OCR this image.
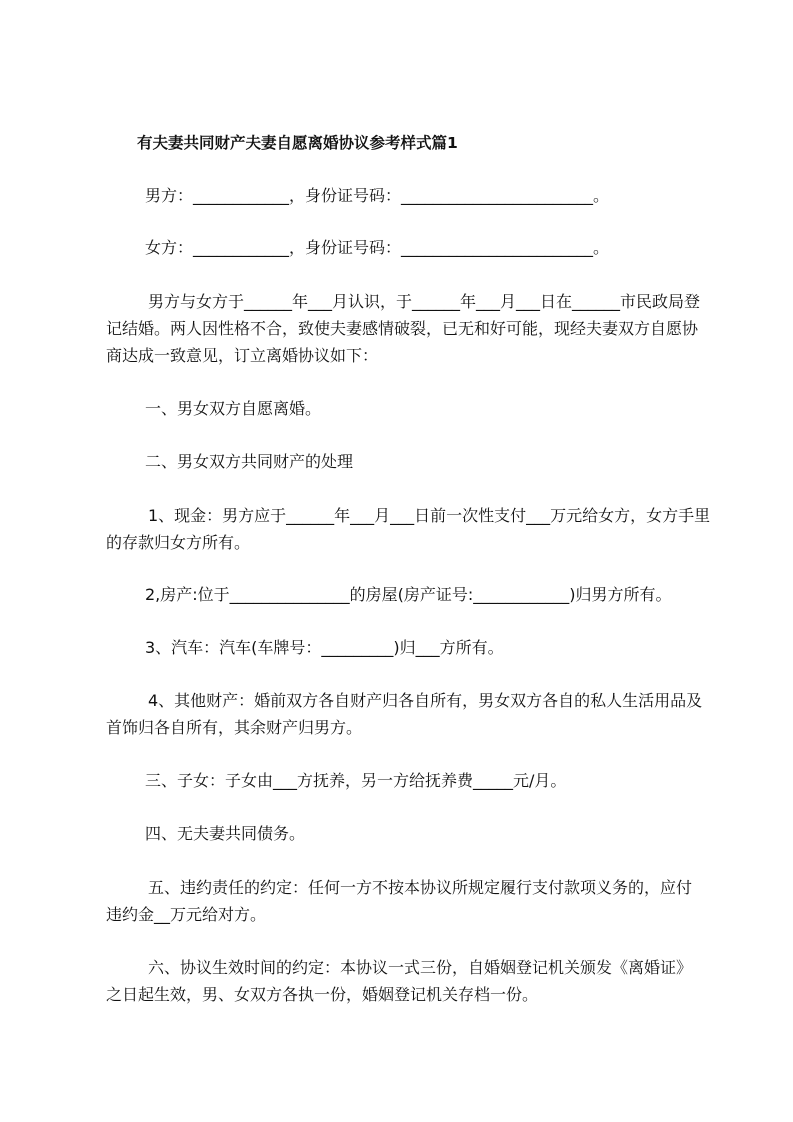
有夫妻共同财产夫妻自愿离婚协议参考样式篇1
男方：____________，身份证号码：________________________。
女方：____________，身份证号码：________________________。
男方与女方于______年___月认识，于______年___月___日在______市民政局登
记结婚。两人因性格不合，致使夫妻感情破裂，已无和好可能，现经夫妻双方自愿协
商达成一致意见，订立离婚协议如下：
一、男女双方自愿离婚。
二、男女双方共同财产的处理
1、现金：男方应于______年___月___日前一次性支付___万元给女方，女方手里
的存款归女方所有。
2,房产:位于_______________的房屋(房产证号:____________)归男方所有。
3、汽车：汽车(车牌号：_________)归___方所有。
4、其他财产：婚前双方各自财产归各自所有，男女双方各自的私人生活用品及
首饰归各自所有，其余财产归男方。
三、子女：子女由___方抚养，另一方给抚养费_____元/月。
四、无夫妻共同债务。
五、违约责任的约定：任何一方不按本协议所规定履行支付款项义务的，应付
违约金__万元给对方。
六、协议生效时间的约定：本协议一式三份，自婚姻登记机关颁发《离婚证》
之日起生效，男、女双方各执一份，婚姻登记机关存档一份。
